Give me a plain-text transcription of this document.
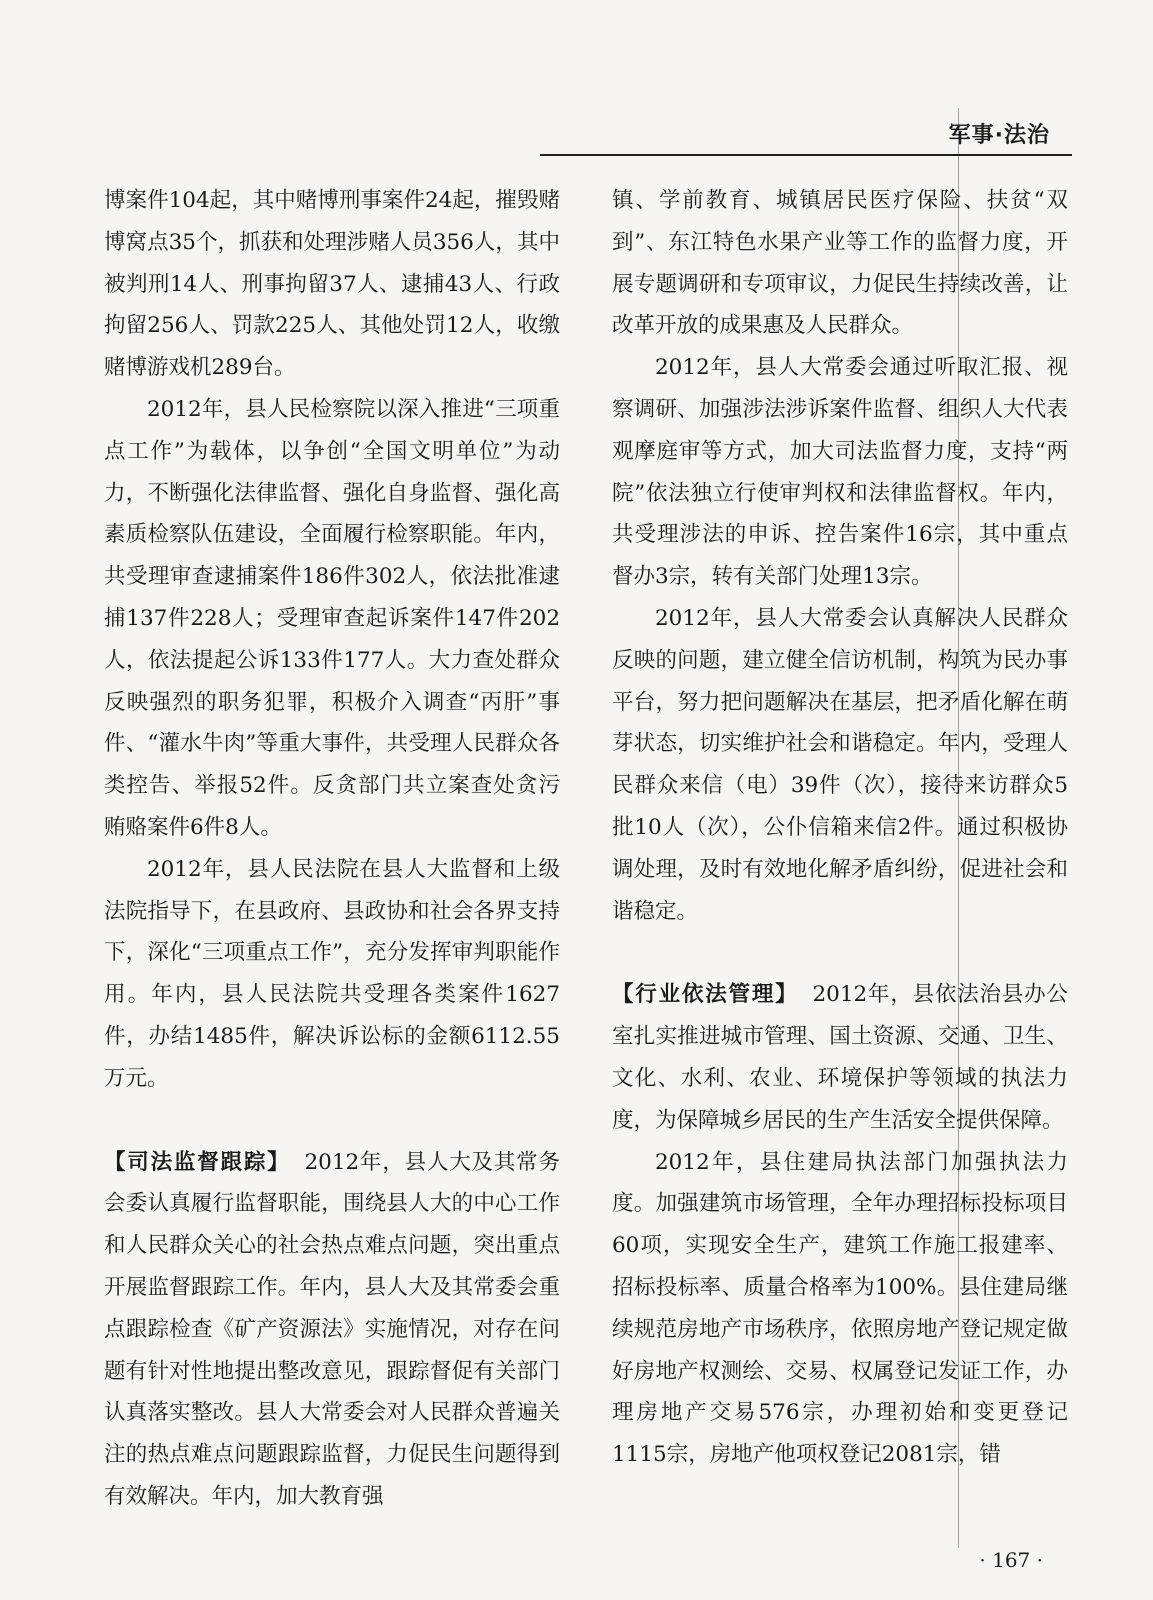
军事·法治

博案件104起，其中赌博刑事案件24起，摧毁赌博窝点35个，抓获和处理涉赌人员356人，其中被判刑14人、刑事拘留37人、逮捕43人、行政拘留256人、罚款225人、其他处罚12人，收缴赌博游戏机289台。

2012年，县人民检察院以深入推进“三项重点工作”为载体，以争创“全国文明单位”为动力，不断强化法律监督、强化自身监督、强化高素质检察队伍建设，全面履行检察职能。年内，共受理审查逮捕案件186件302人，依法批准逮捕137件228人；受理审查起诉案件147件202人，依法提起公诉133件177人。大力查处群众反映强烈的职务犯罪，积极介入调查“丙肝”事件、“灌水牛肉”等重大事件，共受理人民群众各类控告、举报52件。反贪部门共立案查处贪污贿赂案件6件8人。

2012年，县人民法院在县人大监督和上级法院指导下，在县政府、县政协和社会各界支持下，深化“三项重点工作”，充分发挥审判职能作用。年内，县人民法院共受理各类案件1627件，办结1485件，解决诉讼标的金额6112.55万元。

【司法监督跟踪】 2012年，县人大及其常务会委认真履行监督职能，围绕县人大的中心工作和人民群众关心的社会热点难点问题，突出重点开展监督跟踪工作。年内，县人大及其常委会重点跟踪检查《矿产资源法》实施情况，对存在问题有针对性地提出整改意见，跟踪督促有关部门认真落实整改。县人大常委会对人民群众普遍关注的热点难点问题跟踪监督，力促民生问题得到有效解决。年内，加大教育强

镇、学前教育、城镇居民医疗保险、扶贫“双到”、东江特色水果产业等工作的监督力度，开展专题调研和专项审议，力促民生持续改善，让改革开放的成果惠及人民群众。

2012年，县人大常委会通过听取汇报、视察调研、加强涉法涉诉案件监督、组织人大代表观摩庭审等方式，加大司法监督力度，支持“两院”依法独立行使审判权和法律监督权。年内，共受理涉法的申诉、控告案件16宗，其中重点督办3宗，转有关部门处理13宗。

2012年，县人大常委会认真解决人民群众反映的问题，建立健全信访机制，构筑为民办事平台，努力把问题解决在基层，把矛盾化解在萌芽状态，切实维护社会和谐稳定。年内，受理人民群众来信（电）39件（次），接待来访群众5批10人（次），公仆信箱来信2件。通过积极协调处理，及时有效地化解矛盾纠纷，促进社会和谐稳定。

【行业依法管理】 2012年，县依法治县办公室扎实推进城市管理、国土资源、交通、卫生、文化、水利、农业、环境保护等领域的执法力度，为保障城乡居民的生产生活安全提供保障。

2012年，县住建局执法部门加强执法力度。加强建筑市场管理，全年办理招标投标项目60项，实现安全生产，建筑工作施工报建率、招标投标率、质量合格率为100%。县住建局继续规范房地产市场秩序，依照房地产登记规定做好房地产权测绘、交易、权属登记发证工作，办理房地产交易576宗，办理初始和变更登记1115宗，房地产他项权登记2081宗，错

· 167 ·
